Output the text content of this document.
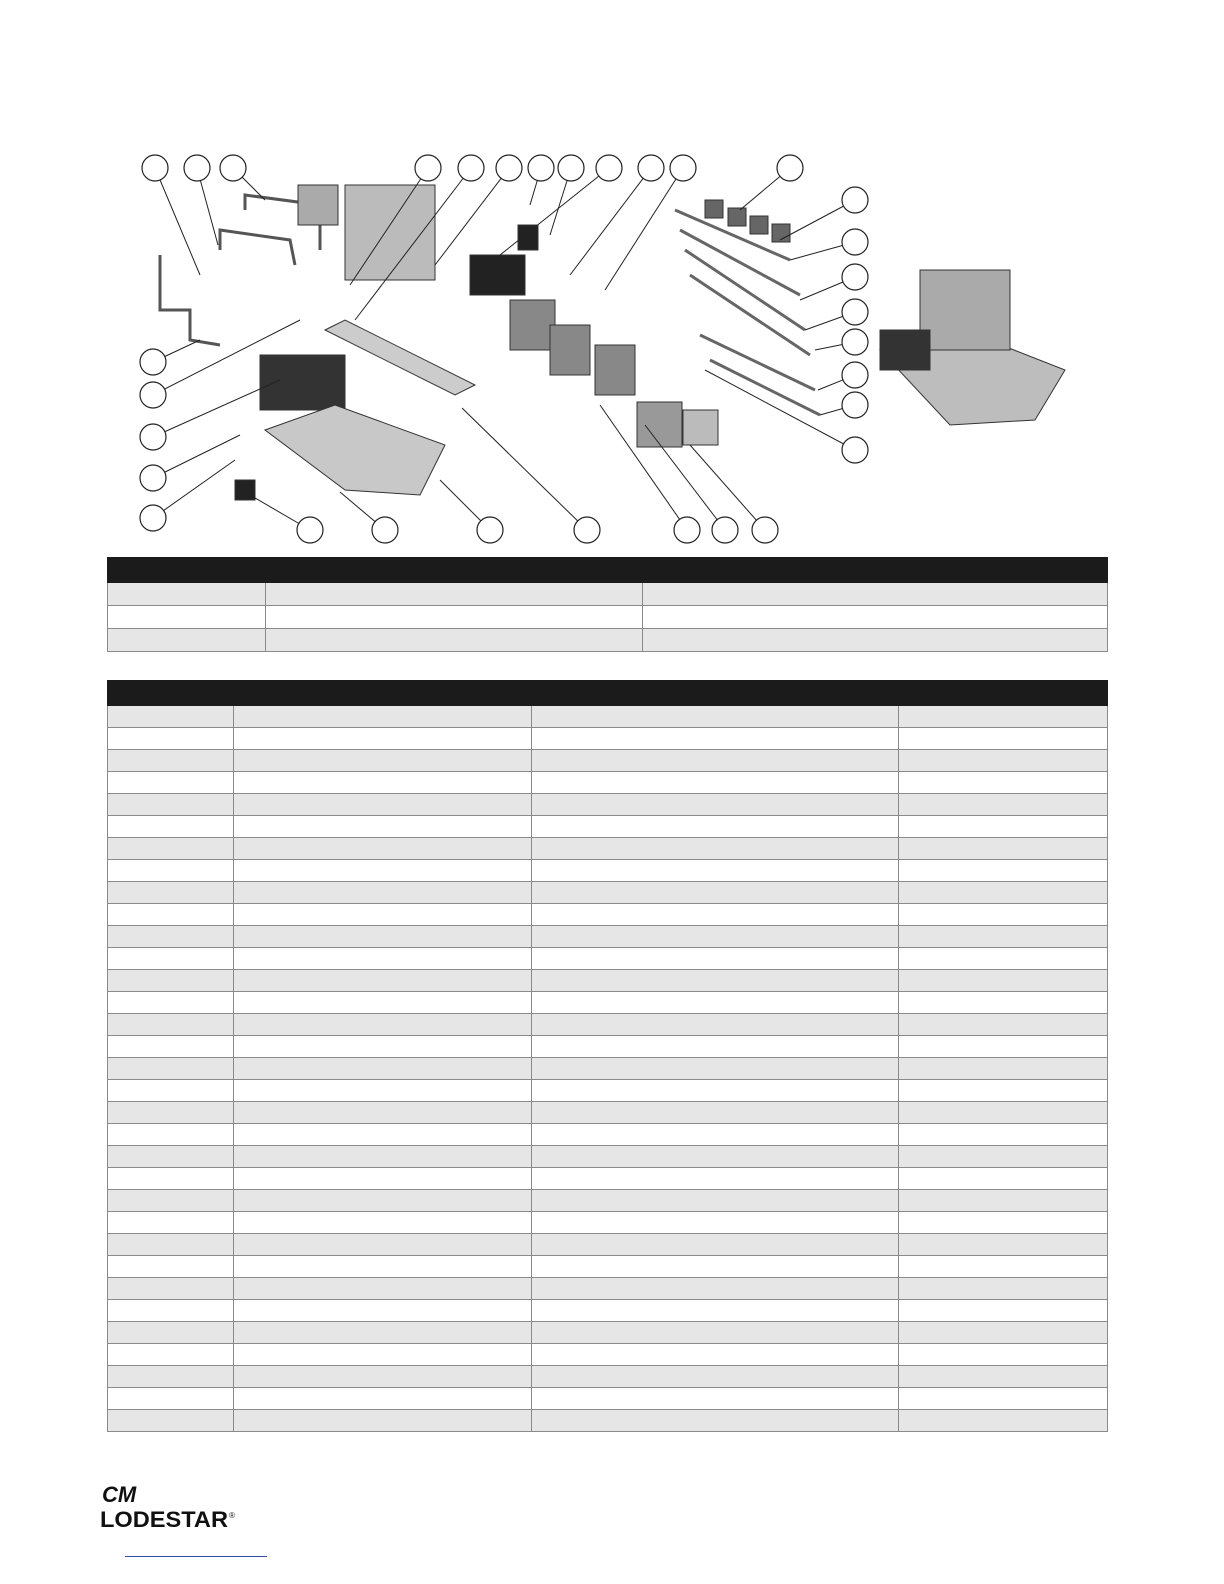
CM
LODESTAR ®
